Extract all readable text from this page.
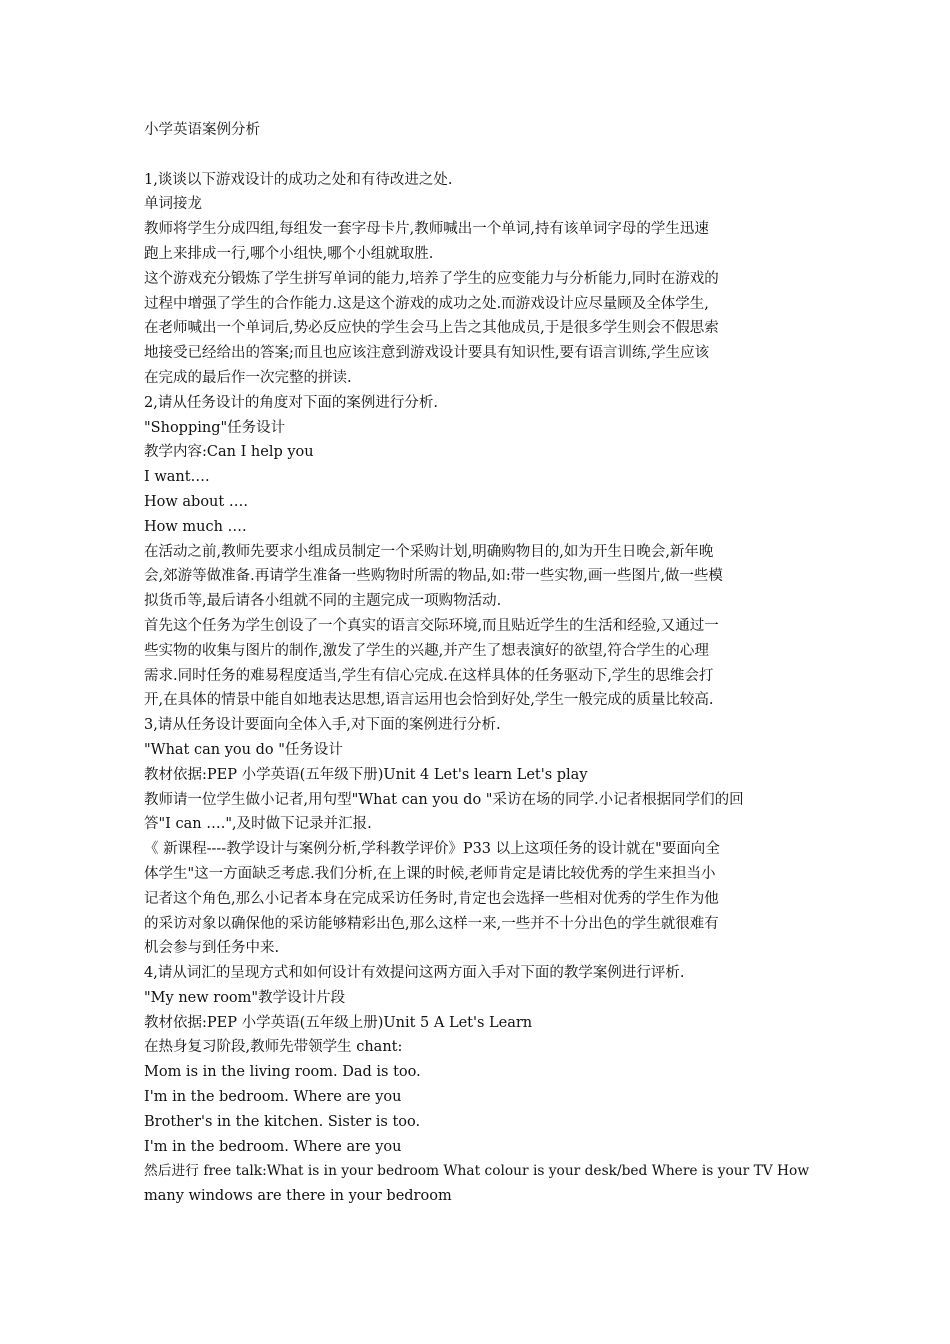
小学英语案例分析
1,谈谈以下游戏设计的成功之处和有待改进之处.
单词接龙
教师将学生分成四组,每组发一套字母卡片,教师喊出一个单词,持有该单词字母的学生迅速
跑上来排成一行,哪个小组快,哪个小组就取胜.
这个游戏充分锻炼了学生拼写单词的能力,培养了学生的应变能力与分析能力,同时在游戏的
过程中增强了学生的合作能力.这是这个游戏的成功之处.而游戏设计应尽量顾及全体学生,
在老师喊出一个单词后,势必反应快的学生会马上告之其他成员,于是很多学生则会不假思索
地接受已经给出的答案;而且也应该注意到游戏设计要具有知识性,要有语言训练,学生应该
在完成的最后作一次完整的拼读.
2,请从任务设计的角度对下面的案例进行分析.
"Shopping"任务设计
教学内容:Can I help you
I want….
How about ….
How much ….
在活动之前,教师先要求小组成员制定一个采购计划,明确购物目的,如为开生日晚会,新年晚
会,郊游等做准备.再请学生准备一些购物时所需的物品,如:带一些实物,画一些图片,做一些模
拟货币等,最后请各小组就不同的主题完成一项购物活动.
首先这个任务为学生创设了一个真实的语言交际环境,而且贴近学生的生活和经验,又通过一
些实物的收集与图片的制作,激发了学生的兴趣,并产生了想表演好的欲望,符合学生的心理
需求.同时任务的难易程度适当,学生有信心完成.在这样具体的任务驱动下,学生的思维会打
开,在具体的情景中能自如地表达思想,语言运用也会恰到好处,学生一般完成的质量比较高.
3,请从任务设计要面向全体入手,对下面的案例进行分析.
"What can you do "任务设计
教材依据:PEP 小学英语(五年级下册)Unit 4 Let's learn Let's play
教师请一位学生做小记者,用句型"What can you do "采访在场的同学.小记者根据同学们的回
答"I can ….",及时做下记录并汇报.
《 新课程----教学设计与案例分析,学科教学评价》P33 以上这项任务的设计就在"要面向全
体学生"这一方面缺乏考虑.我们分析,在上课的时候,老师肯定是请比较优秀的学生来担当小
记者这个角色,那么小记者本身在完成采访任务时,肯定也会选择一些相对优秀的学生作为他
的采访对象以确保他的采访能够精彩出色,那么这样一来,一些并不十分出色的学生就很难有
机会参与到任务中来.
4,请从词汇的呈现方式和如何设计有效提问这两方面入手对下面的教学案例进行评析.
"My new room"教学设计片段
教材依据:PEP 小学英语(五年级上册)Unit 5 A Let's Learn
在热身复习阶段,教师先带领学生 chant:
Mom is in the living room. Dad is too.
I'm in the bedroom. Where are you
Brother's in the kitchen. Sister is too.
I'm in the bedroom. Where are you
然后进行 free talk:What is in your bedroom What colour is your desk/bed Where is your TV How
many windows are there in your bedroom
